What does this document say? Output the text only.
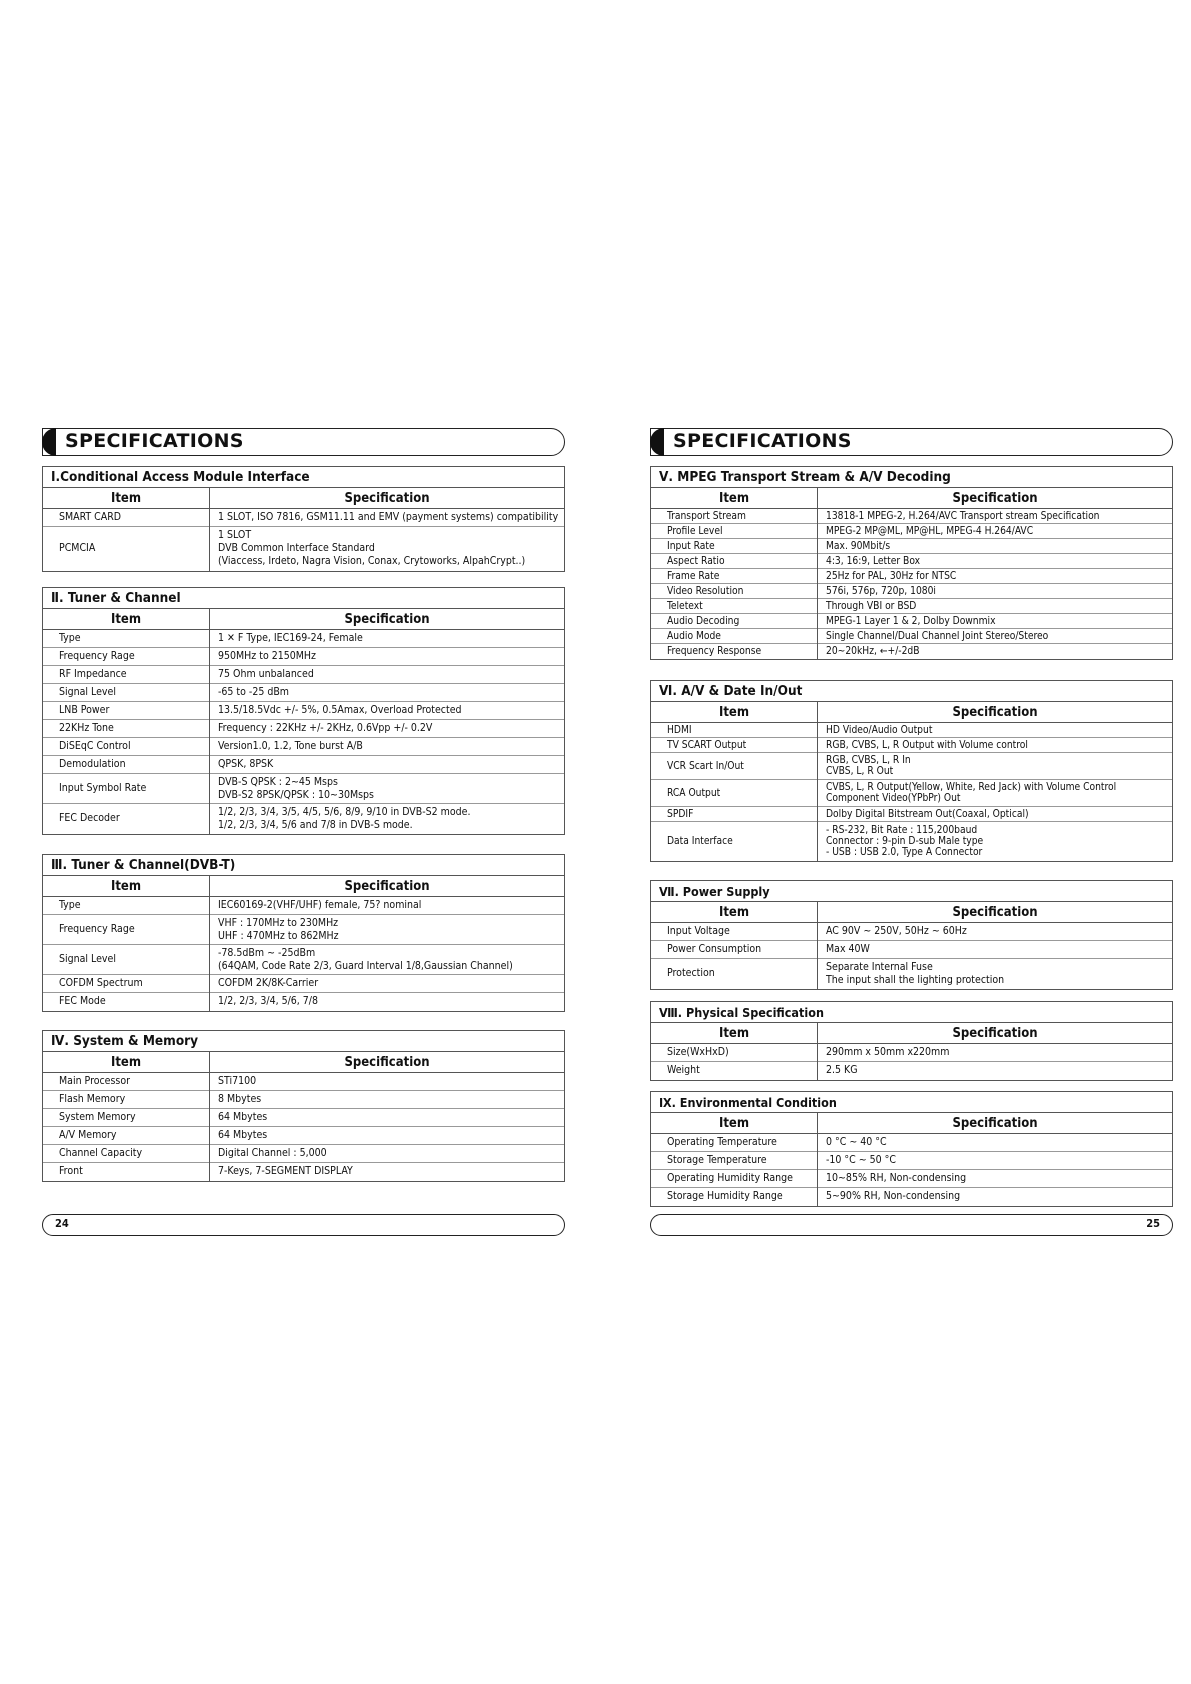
SPECIFICATIONS
Ⅰ.Conditional Access Module Interface
Item	Specification
SMART CARD	1 SLOT, ISO 7816, GSM11.11 and EMV (payment systems) compatibility
PCMCIA	1 SLOT
DVB Common Interface Standard
(Viaccess, Irdeto, Nagra Vision, Conax, Crytoworks, AlpahCrypt..)
Ⅱ. Tuner & Channel
Item	Specification
Type	1 ✕ F Type, IEC169-24, Female
Frequency Rage	950MHz to 2150MHz
RF Impedance	75 Ohm unbalanced
Signal Level	-65 to -25 dBm
LNB Power	13.5/18.5Vdc +/- 5%, 0.5Amax, Overload Protected
22KHz Tone	Frequency : 22KHz +/- 2KHz, 0.6Vpp +/- 0.2V
DiSEqC Control	Version1.0, 1.2, Tone burst A/B
Demodulation	QPSK, 8PSK
Input Symbol Rate	DVB-S QPSK : 2~45 Msps
DVB-S2 8PSK/QPSK : 10~30Msps
FEC Decoder	1/2, 2/3, 3/4, 3/5, 4/5, 5/6, 8/9, 9/10 in DVB-S2 mode.
1/2, 2/3, 3/4, 5/6 and 7/8 in DVB-S mode.
Ⅲ. Tuner & Channel(DVB-T)
Item	Specification
Type	IEC60169-2(VHF/UHF) female, 75? nominal
Frequency Rage	VHF : 170MHz to 230MHz
UHF : 470MHz to 862MHz
Signal Level	-78.5dBm ~ -25dBm
(64QAM, Code Rate 2/3, Guard Interval 1/8,Gaussian Channel)
COFDM Spectrum	COFDM 2K/8K-Carrier
FEC Mode	1/2, 2/3, 3/4, 5/6, 7/8
Ⅳ. System & Memory
Item	Specification
Main Processor	STi7100
Flash Memory	8 Mbytes
System Memory	64 Mbytes
A/V Memory	64 Mbytes
Channel Capacity	Digital Channel : 5,000
Front	7-Keys, 7-SEGMENT DISPLAY
24
SPECIFICATIONS
Ⅴ. MPEG Transport Stream & A/V Decoding
Item	Specification
Transport Stream	13818-1 MPEG-2, H.264/AVC Transport stream Specification
Profile Level	MPEG-2 MP@ML, MP@HL, MPEG-4 H.264/AVC
Input Rate	Max. 90Mbit/s
Aspect Ratio	4:3, 16:9, Letter Box
Frame Rate	25Hz for PAL, 30Hz for NTSC
Video Resolution	576i, 576p, 720p, 1080i
Teletext	Through VBI or BSD
Audio Decoding	MPEG-1 Layer 1 & 2, Dolby Downmix
Audio Mode	Single Channel/Dual Channel Joint Stereo/Stereo
Frequency Response	20~20kHz, ←+/-2dB
Ⅵ. A/V & Date In/Out
Item	Specification
HDMI	HD Video/Audio Output
TV SCART Output	RGB, CVBS, L, R Output with Volume control
VCR Scart In/Out	RGB, CVBS, L, R In
CVBS, L, R Out
RCA Output	CVBS, L, R Output(Yellow, White, Red Jack) with Volume Control
Component Video(YPbPr) Out
SPDIF	Dolby Digital Bitstream Out(Coaxal, Optical)
Data Interface	- RS-232, Bit Rate : 115,200baud
Connector : 9-pin D-sub Male type
- USB : USB 2.0, Type A Connector
Ⅶ. Power Supply
Item	Specification
Input Voltage	AC 90V ~ 250V, 50Hz ~ 60Hz
Power Consumption	Max 40W
Protection	Separate Internal Fuse
The input shall the lighting protection
Ⅷ. Physical Specification
Item	Specification
Size(WxHxD)	290mm x 50mm x220mm
Weight	2.5 KG
Ⅸ. Environmental Condition
Item	Specification
Operating Temperature	0 °C ~ 40 °C
Storage Temperature	-10 °C ~ 50 °C
Operating Humidity Range	10~85% RH, Non-condensing
Storage Humidity Range	5~90% RH, Non-condensing
25
